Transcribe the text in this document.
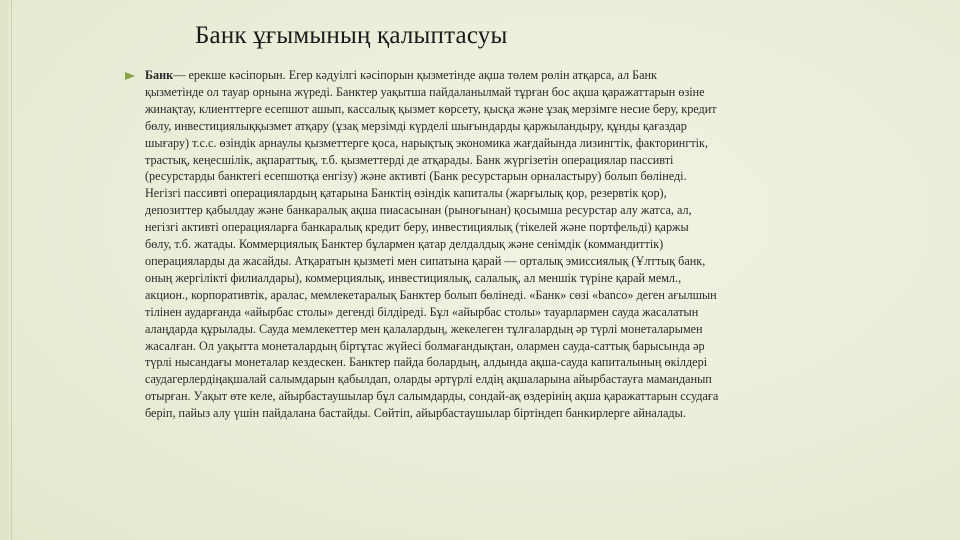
Банк ұғымының қалыптасуы
Банк— ерекше кәсіпорын. Егер кәдуілгі кәсіпорын қызметінде ақша төлем рөлін атқарса, ал Банк
қызметінде ол тауар орнына жүреді. Банктер уақытша пайдаланылмай тұрған бос ақша қаражаттарын өзіне
жинақтау, клиенттерге есепшот ашып, кассалық қызмет көрсету, қысқа және ұзақ мерзімге несие беру, кредит
бөлу, инвестициялыққызмет атқару (ұзақ мерзімді күрделі шығындарды қаржыландыру, құнды қағаздар
шығару) т.с.с. өзіндік арнаулы қызметтерге қоса, нарықтық экономика жағдайында лизингтік, факторингтік,
трастық, кеңесшілік, ақпараттық, т.б. қызметтерді де атқарады. Банк жүргізетін операциялар пассивті
(ресурстарды банктегі есепшотқа енгізу) және активті (Банк ресурстарын орналастыру) болып бөлінеді.
Негізгі пассивті операциялардың қатарына Банктің өзіндік капиталы (жарғылық қор, резервтік қор),
депозиттер қабылдау және банкаралық ақша пиасасынан (рыноғынан) қосымша ресурстар алу жатса, ал,
негізгі активті операцияларға банкаралық кредит беру, инвестициялық (тікелей және портфельді) қаржы
бөлу, т.б. жатады. Коммерциялық Банктер бұлармен қатар делдалдық және сенімдік (коммандиттік)
операцияларды да жасайды. Атқаратын қызметі мен сипатына қарай — орталық эмиссиялық (Ұлттық банк,
оның жергілікті филиалдары), коммерциялық, инвестициялық, салалық, ал меншік түріне қарай мемл.,
акцион., корпоративтік, аралас, мемлекетаралық Банктер болып бөлінеді. «Банк» сөзі «banco» деген ағылшын
тілінен аударғанда «айырбас столы» дегенді білдіреді. Бұл «айырбас столы» тауарлармен сауда жасалатын
алаңдарда құрылады. Сауда мемлекеттер мен қалалардың, жекелеген тұлғалардың әр түрлі монеталарымен
жасалған. Ол уақытта монеталардың біртұтас жүйесі болмағандықтан, олармен сауда-саттық барысында әр
түрлі нысандағы монеталар кездескен. Банктер пайда болардың, алдында ақша-сауда капиталының өкілдері
саудагерлердіңақшалай салымдарын қабылдап, оларды әртүрлі елдің ақшаларына айырбастауға маманданып
отырған. Уақыт өте келе, айырбастаушылар бұл салымдарды, сондай-ақ өздерінің ақша қаражаттарын ссудаға
беріп, пайыз алу үшін пайдалана бастайды. Сөйтіп, айырбастаушылар біртіндеп банкирлерге айналады.
